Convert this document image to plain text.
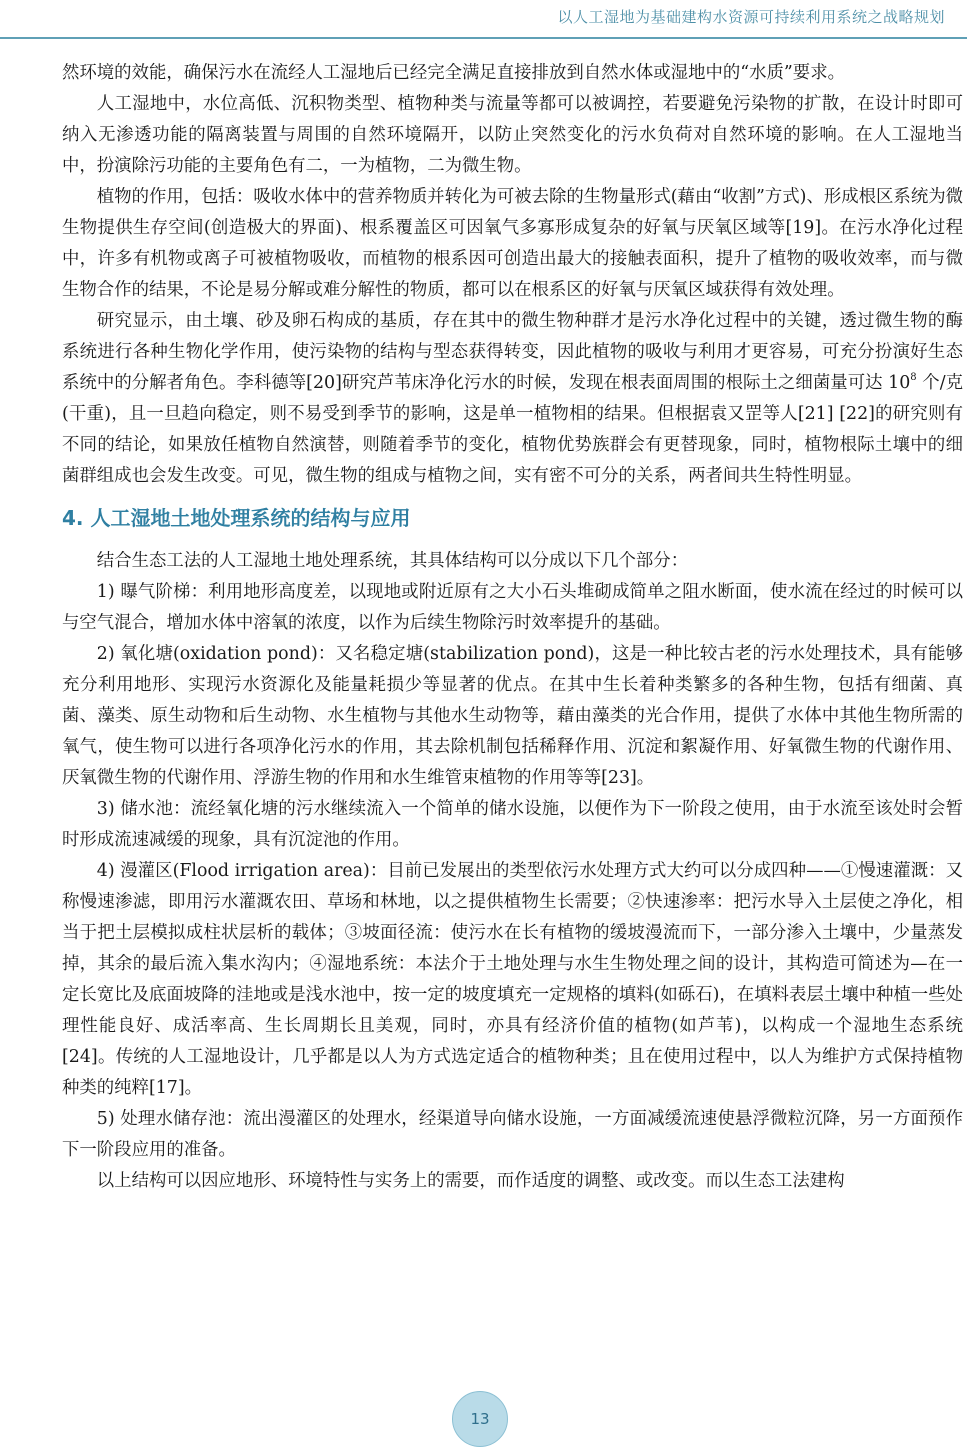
以人工湿地为基础建构水资源可持续利用系统之战略规划

然环境的效能，确保污水在流经人工湿地后已经完全满足直接排放到自然水体或湿地中的“水质”要求。

人工湿地中，水位高低、沉积物类型、植物种类与流量等都可以被调控，若要避免污染物的扩散，在设计时即可纳入无渗透功能的隔离装置与周围的自然环境隔开，以防止突然变化的污水负荷对自然环境的影响。在人工湿地当中，扮演除污功能的主要角色有二，一为植物，二为微生物。

植物的作用，包括：吸收水体中的营养物质并转化为可被去除的生物量形式(藉由“收割”方式)、形成根区系统为微生物提供生存空间(创造极大的界面)、根系覆盖区可因氧气多寡形成复杂的好氧与厌氧区域等[19]。在污水净化过程中，许多有机物或离子可被植物吸收，而植物的根系因可创造出最大的接触表面积，提升了植物的吸收效率，而与微生物合作的结果，不论是易分解或难分解性的物质，都可以在根系区的好氧与厌氧区域获得有效处理。

研究显示，由土壤、砂及卵石构成的基质，存在其中的微生物种群才是污水净化过程中的关键，透过微生物的酶系统进行各种生物化学作用，使污染物的结构与型态获得转变，因此植物的吸收与利用才更容易，可充分扮演好生态系统中的分解者角色。李科德等[20]研究芦苇床净化污水的时候，发现在根表面周围的根际土之细菌量可达 $10^8$ 个/克(干重)，且一旦趋向稳定，则不易受到季节的影响，这是单一植物相的结果。但根据袁又罡等人[21] [22]的研究则有不同的结论，如果放任植物自然演替，则随着季节的变化，植物优势族群会有更替现象，同时，植物根际土壤中的细菌群组成也会发生改变。可见，微生物的组成与植物之间，实有密不可分的关系，两者间共生特性明显。

4. 人工湿地土地处理系统的结构与应用

结合生态工法的人工湿地土地处理系统，其具体结构可以分成以下几个部分：

1) 曝气阶梯：利用地形高度差，以现地或附近原有之大小石头堆砌成简单之阻水断面，使水流在经过的时候可以与空气混合，增加水体中溶氧的浓度，以作为后续生物除污时效率提升的基础。

2) 氧化塘(oxidation pond)：又名稳定塘(stabilization pond)，这是一种比较古老的污水处理技术，具有能够充分利用地形、实现污水资源化及能量耗损少等显著的优点。在其中生长着种类繁多的各种生物，包括有细菌、真菌、藻类、原生动物和后生动物、水生植物与其他水生动物等，藉由藻类的光合作用，提供了水体中其他生物所需的氧气，使生物可以进行各项净化污水的作用，其去除机制包括稀释作用、沉淀和絮凝作用、好氧微生物的代谢作用、厌氧微生物的代谢作用、浮游生物的作用和水生维管束植物的作用等等[23]。

3) 储水池：流经氧化塘的污水继续流入一个简单的储水设施，以便作为下一阶段之使用，由于水流至该处时会暂时形成流速减缓的现象，具有沉淀池的作用。

4) 漫灌区(Flood irrigation area)：目前已发展出的类型依污水处理方式大约可以分成四种——①慢速灌溉：又称慢速渗滤，即用污水灌溉农田、草场和林地，以之提供植物生长需要；②快速渗率：把污水导入土层使之净化，相当于把土层模拟成柱状层析的载体；③坡面径流：使污水在长有植物的缓坡漫流而下，一部分渗入土壤中，少量蒸发掉，其余的最后流入集水沟内；④湿地系统：本法介于土地处理与水生生物处理之间的设计，其构造可简述为—在一定长宽比及底面坡降的洼地或是浅水池中，按一定的坡度填充一定规格的填料(如砾石)，在填料表层土壤中种植一些处理性能良好、成活率高、生长周期长且美观，同时，亦具有经济价值的植物(如芦苇)，以构成一个湿地生态系统[24]。传统的人工湿地设计，几乎都是以人为方式选定适合的植物种类；且在使用过程中，以人为维护方式保持植物种类的纯粹[17]。

5) 处理水储存池：流出漫灌区的处理水，经渠道导向储水设施，一方面减缓流速使悬浮微粒沉降，另一方面预作下一阶段应用的准备。

以上结构可以因应地形、环境特性与实务上的需要，而作适度的调整、或改变。而以生态工法建构

13
